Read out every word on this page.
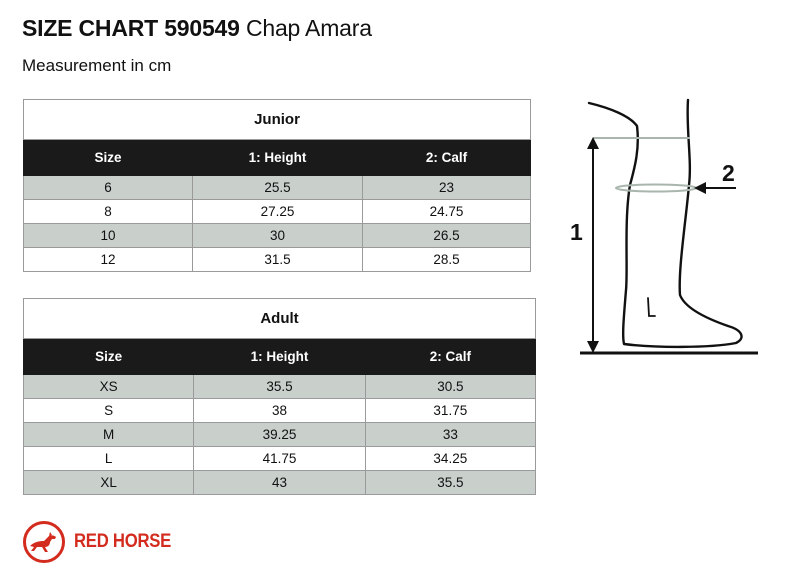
SIZE CHART 590549 Chap Amara
Measurement in cm
Junior		
Size	1: Height	2: Calf
6	25.5	23
8	27.25	24.75
10	30	26.5
12	31.5	28.5
Adult		
Size	1: Height	2: Calf
XS	35.5	30.5
S	38	31.75
M	39.25	33
L	41.75	34.25
XL	43	35.5
1
2
RED HORSE
